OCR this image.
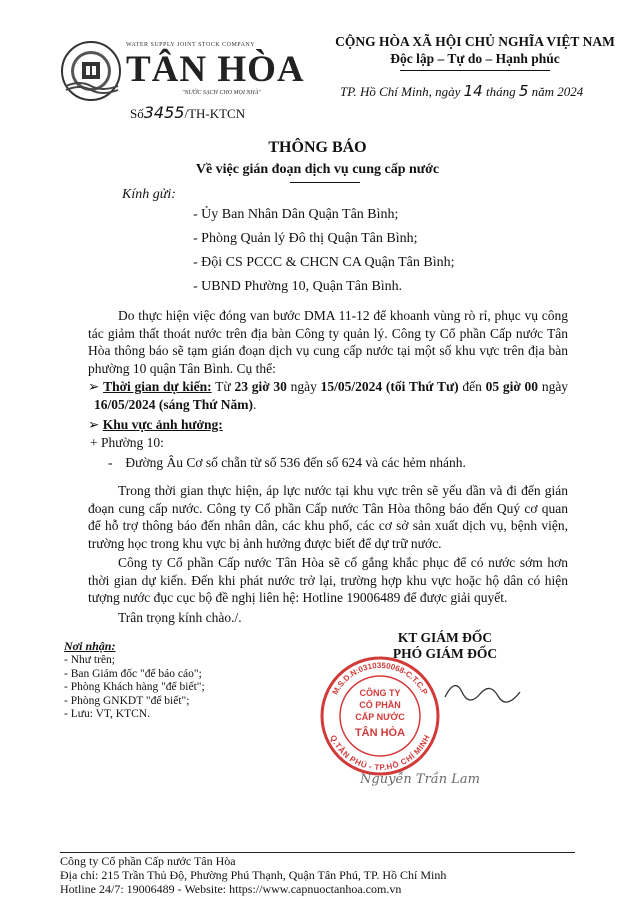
WATER SUPPLY JOINT STOCK COMPANY
TÂN HÒA
"NƯỚC SẠCH CHO MỌI NHÀ"
Số3455/TH-KTCN
CỘNG HÒA XÃ HỘI CHỦ NGHĨA VIỆT NAM
Độc lập – Tự do – Hạnh phúc
TP. Hồ Chí Minh, ngày 14 tháng 5 năm 2024
THÔNG BÁO
Về việc gián đoạn dịch vụ cung cấp nước
Kính gửi:
- Ủy Ban Nhân Dân Quận Tân Bình;
- Phòng Quản lý Đô thị Quận Tân Bình;
- Đội CS PCCC & CHCN CA Quận Tân Bình;
- UBND Phường 10, Quận Tân Bình.

Do thực hiện việc đóng van bước DMA 11-12 để khoanh vùng rò rỉ, phục vụ công tác giảm thất thoát nước trên địa bàn Công ty quản lý. Công ty Cổ phần Cấp nước Tân Hòa thông báo sẽ tạm gián đoạn dịch vụ cung cấp nước tại một số khu vực trên địa bàn phường 10 quận Tân Bình. Cụ thể:

➢ Thời gian dự kiến: Từ 23 giờ 30 ngày 15/05/2024 (tối Thứ Tư) đến 05 giờ 00 ngày 16/05/2024 (sáng Thứ Năm).
➢ Khu vực ảnh hưởng:
+ Phường 10:
- Đường Âu Cơ số chẵn từ số 536 đến số 624 và các hẻm nhánh.

Trong thời gian thực hiện, áp lực nước tại khu vực trên sẽ yếu dần và đi đến gián đoạn cung cấp nước. Công ty Cổ phần Cấp nước Tân Hòa thông báo đến Quý cơ quan để hỗ trợ thông báo đến nhân dân, các khu phố, các cơ sở sản xuất dịch vụ, bệnh viện, trường học trong khu vực bị ảnh hưởng được biết để dự trữ nước.

Công ty Cổ phần Cấp nước Tân Hòa sẽ cố gắng khắc phục để có nước sớm hơn thời gian dự kiến. Đến khi phát nước trở lại, trường hợp khu vực hoặc hộ dân có hiện tượng nước đục cục bộ đề nghị liên hệ: Hotline 19006489 để được giải quyết.

Trân trọng kính chào./.

Nơi nhận:
- Như trên;
- Ban Giám đốc "để báo cáo";
- Phòng Khách hàng "để biết";
- Phòng GNKDT "để biết";
- Lưu: VT, KTCN.
KT GIÁM ĐỐC
PHÓ GIÁM ĐỐC
M.S.D.N:0310350068-C.T.C.P
Q.TÂN PHÚ - TP.HỒ CHÍ MINH
CÔNG TY
CỔ PHẦN
CẤP NƯỚC
TÂN HÒA
Nguyễn Trần Lam
Công ty Cổ phần Cấp nước Tân Hòa
Địa chỉ: 215 Trần Thủ Độ, Phường Phú Thạnh, Quận Tân Phú, TP. Hồ Chí Minh
Hotline 24/7: 19006489 - Website: https://www.capnuoctanhoa.com.vn
